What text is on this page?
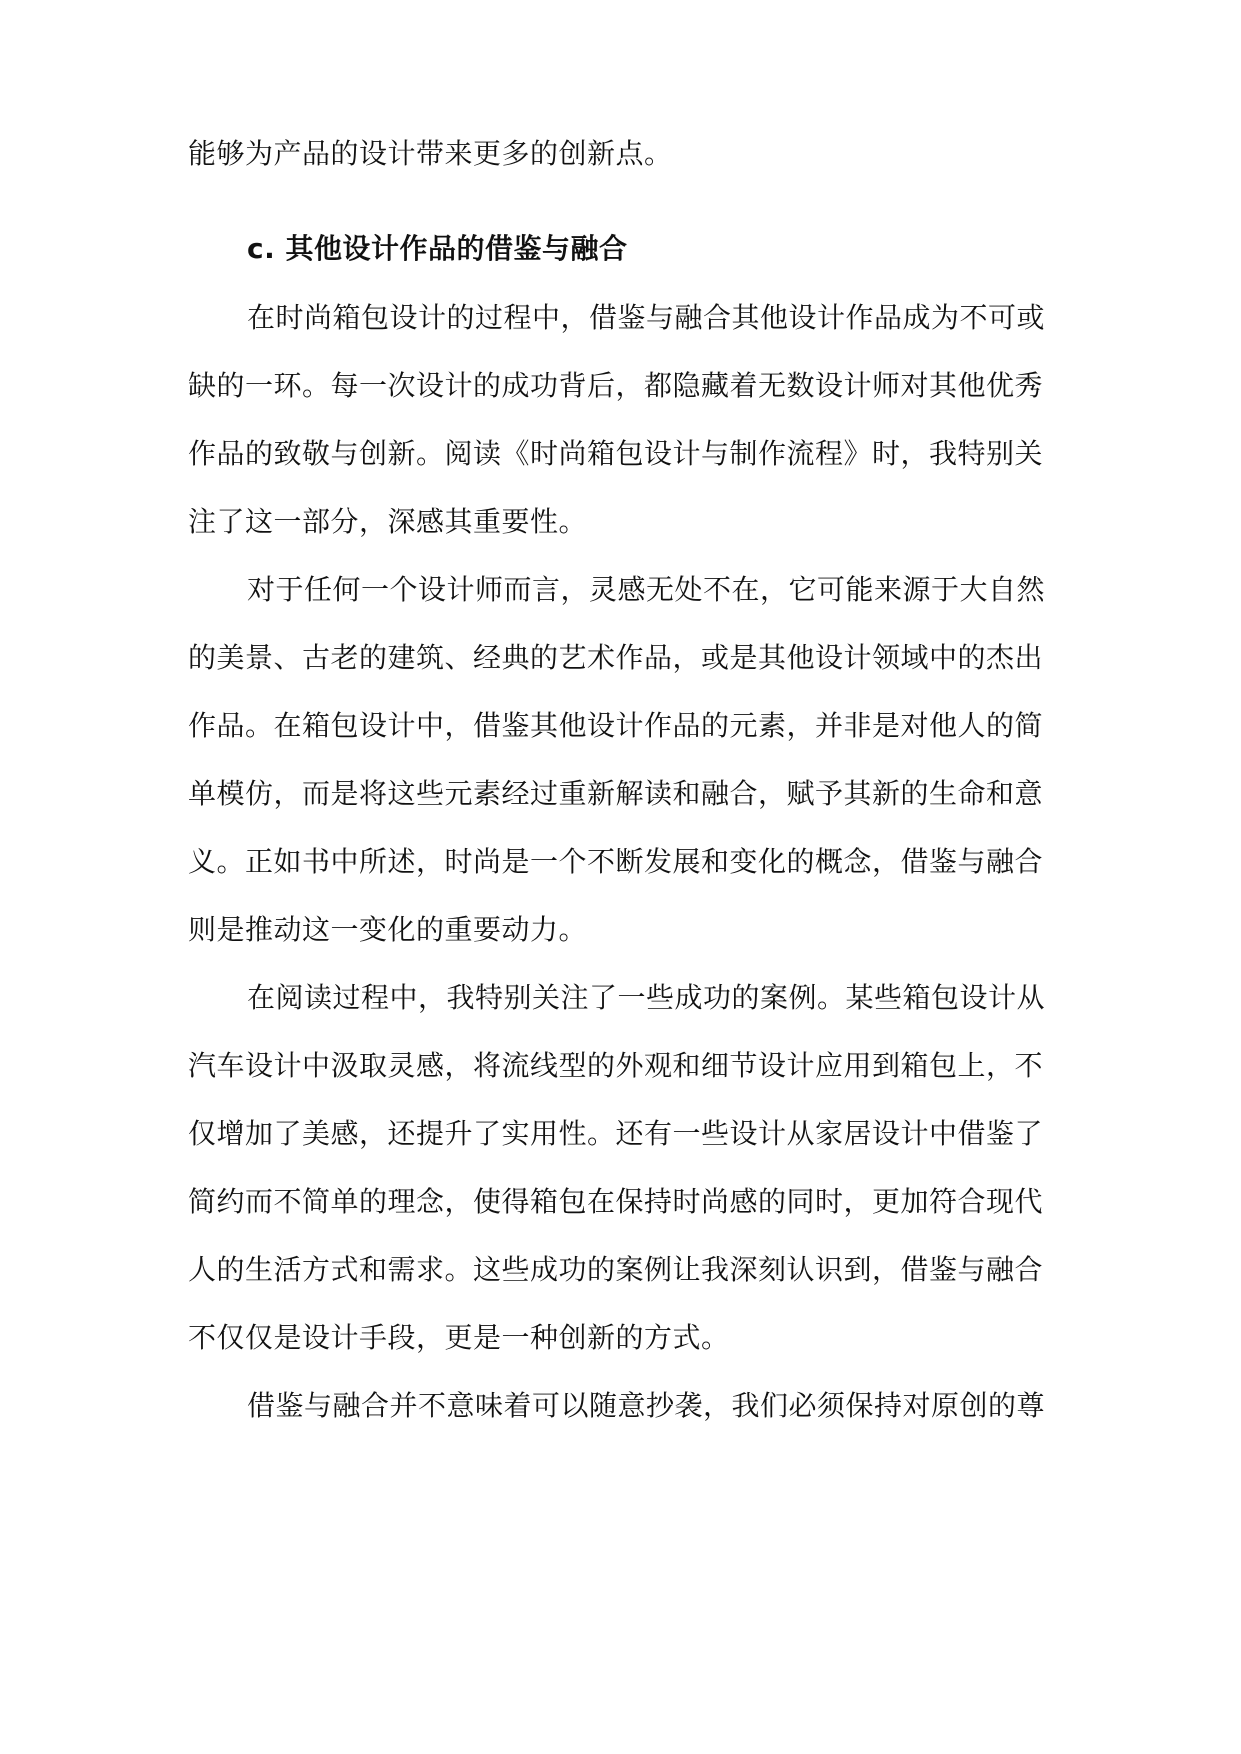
能够为产品的设计带来更多的创新点。
c. 其他设计作品的借鉴与融合
在时尚箱包设计的过程中，借鉴与融合其他设计作品成为不可或
缺的一环。每一次设计的成功背后，都隐藏着无数设计师对其他优秀
作品的致敬与创新。阅读《时尚箱包设计与制作流程》时，我特别关
注了这一部分，深感其重要性。
对于任何一个设计师而言，灵感无处不在，它可能来源于大自然
的美景、古老的建筑、经典的艺术作品，或是其他设计领域中的杰出
作品。在箱包设计中，借鉴其他设计作品的元素，并非是对他人的简
单模仿，而是将这些元素经过重新解读和融合，赋予其新的生命和意
义。正如书中所述，时尚是一个不断发展和变化的概念，借鉴与融合
则是推动这一变化的重要动力。
在阅读过程中，我特别关注了一些成功的案例。某些箱包设计从
汽车设计中汲取灵感，将流线型的外观和细节设计应用到箱包上，不
仅增加了美感，还提升了实用性。还有一些设计从家居设计中借鉴了
简约而不简单的理念，使得箱包在保持时尚感的同时，更加符合现代
人的生活方式和需求。这些成功的案例让我深刻认识到，借鉴与融合
不仅仅是设计手段，更是一种创新的方式。
借鉴与融合并不意味着可以随意抄袭，我们必须保持对原创的尊
